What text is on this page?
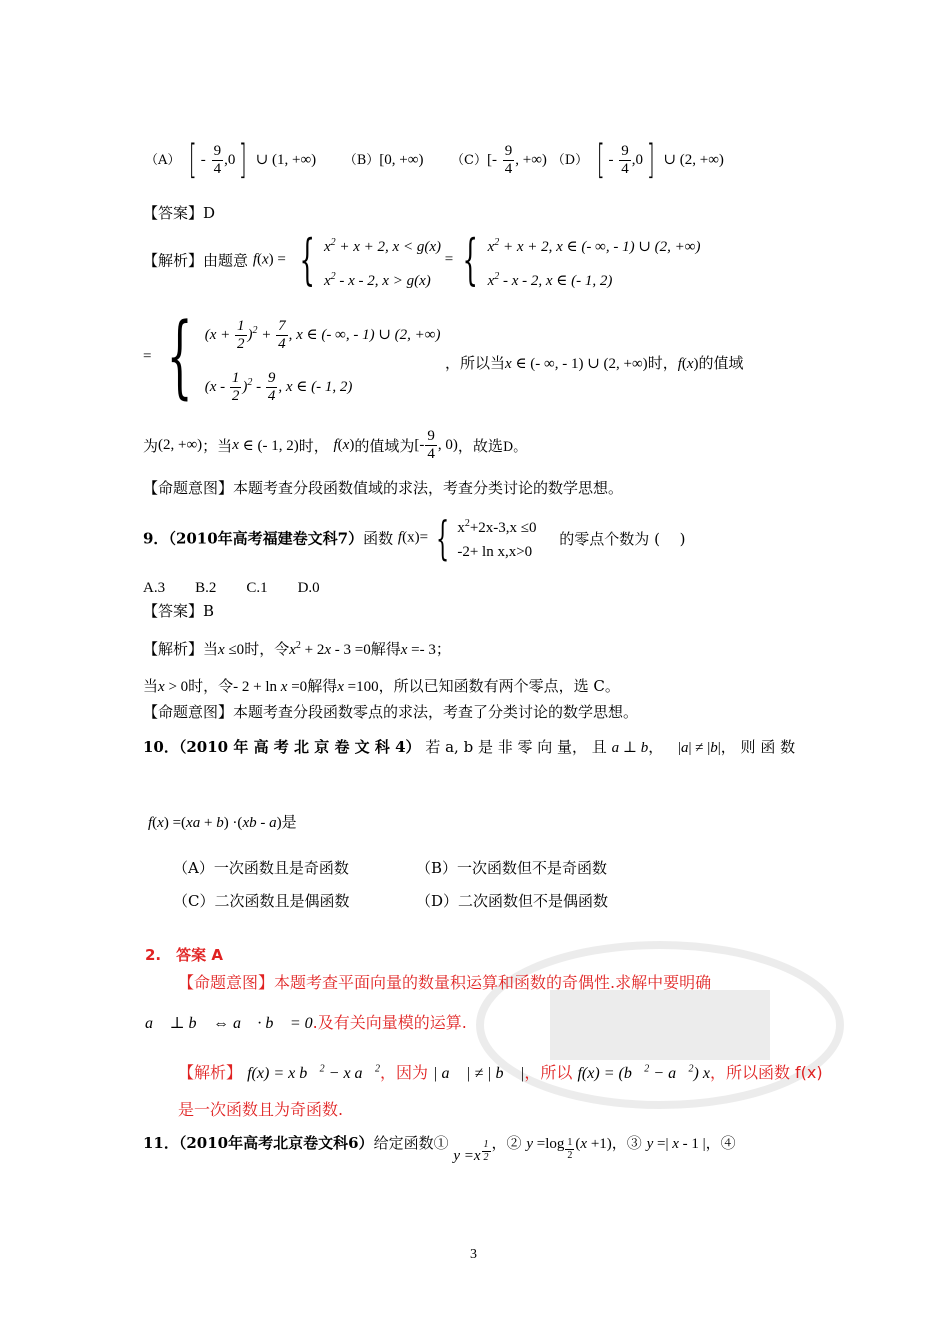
（A） [ - $\frac{9}{4} ,0$] ∪ (1, +∞) （B）[0, +∞) $(C)[- \frac{9}{4}$ , +∞) （D） [ - $\frac{9}{4} ,0$] ∪ (2, +∞)
【答案】D
【解析】由题意 f(x) = { $x^2 + x + 2$, x < g(x)
$x^2$ - x - 2, x > g(x)
= { $x^2 + x + 2$, x ∈ (- ∞, - 1) ∪ (2, +∞)
$x^2$ - x - 2, x ∈ (- 1, 2)
= { $(x + \frac{1}{2} )^2 + \frac{7}{4}$ , x ∈ (- ∞, - 1) ∪ (2, +∞)
$(x - \frac{1}{2} )^2 - \frac{9}{4}$ , x ∈ (- 1, 2)
，所以当x ∈ (- ∞, - 1) ∪ (2, +∞)时，f(x)的值域
为(2, +∞)；当x ∈ (- 1, 2)时， f(x)的值域为[- $\frac{9}{4}$ , 0)，故选D。
【命题意图】本题考查分段函数值域的求法，考查分类讨论的数学思想。
9．（2010年高考福建卷文科7）函数 f(x)= { $x^2+2x-3,x \le 0$
-2+ ln x,x>0
的零点个数为 (　 )
A.3　　B.2　　C.1　　D.0
【答案】B
【解析】当x ≤0时，令$x^2 + 2x - 3 =0$解得x =- 3；
当x > 0时，令- 2 + ln x =0解得x =100，所以已知函数有两个零点，选 C。
【命题意图】本题考查分段函数零点的求法，考查了分类讨论的数学思想。
10．（2010 年 高 考 北 京 卷 文 科 4） 若 a, b 是 非 零 向 量， 且 a ⊥ b， |a| ≠ |b|， 则 函 数
f(x) =(xa + b) ·(xb - a)是
（A）一次函数且是奇函数	（B）一次函数但不是奇函数
（C）二次函数且是偶函数	（D）二次函数但不是偶函数
2.　答案 A
【命题意图】本题考查平面向量的数量积运算和函数的奇偶性.求解中要明确
a⃗ ⊥ b⃗ ⇔ a⃗ · b⃗ = 0.及有关向量模的运算.
【解析】 f(x) = x b⃗$^2$ − x a⃗$^2$，因为 | a⃗ | ≠ | b⃗ |，所以 f(x) = (b⃗$^2$ − a⃗$^2$) x，所以函数 f(x)
是一次函数且为奇函数.
11．（2010年高考北京卷文科6）给定函数① y =x $^{\frac{1}{2}}$ ，② y =log $_{\frac{1}{2}}$ (x +1)，③ y =| x - 1 |，④
3
